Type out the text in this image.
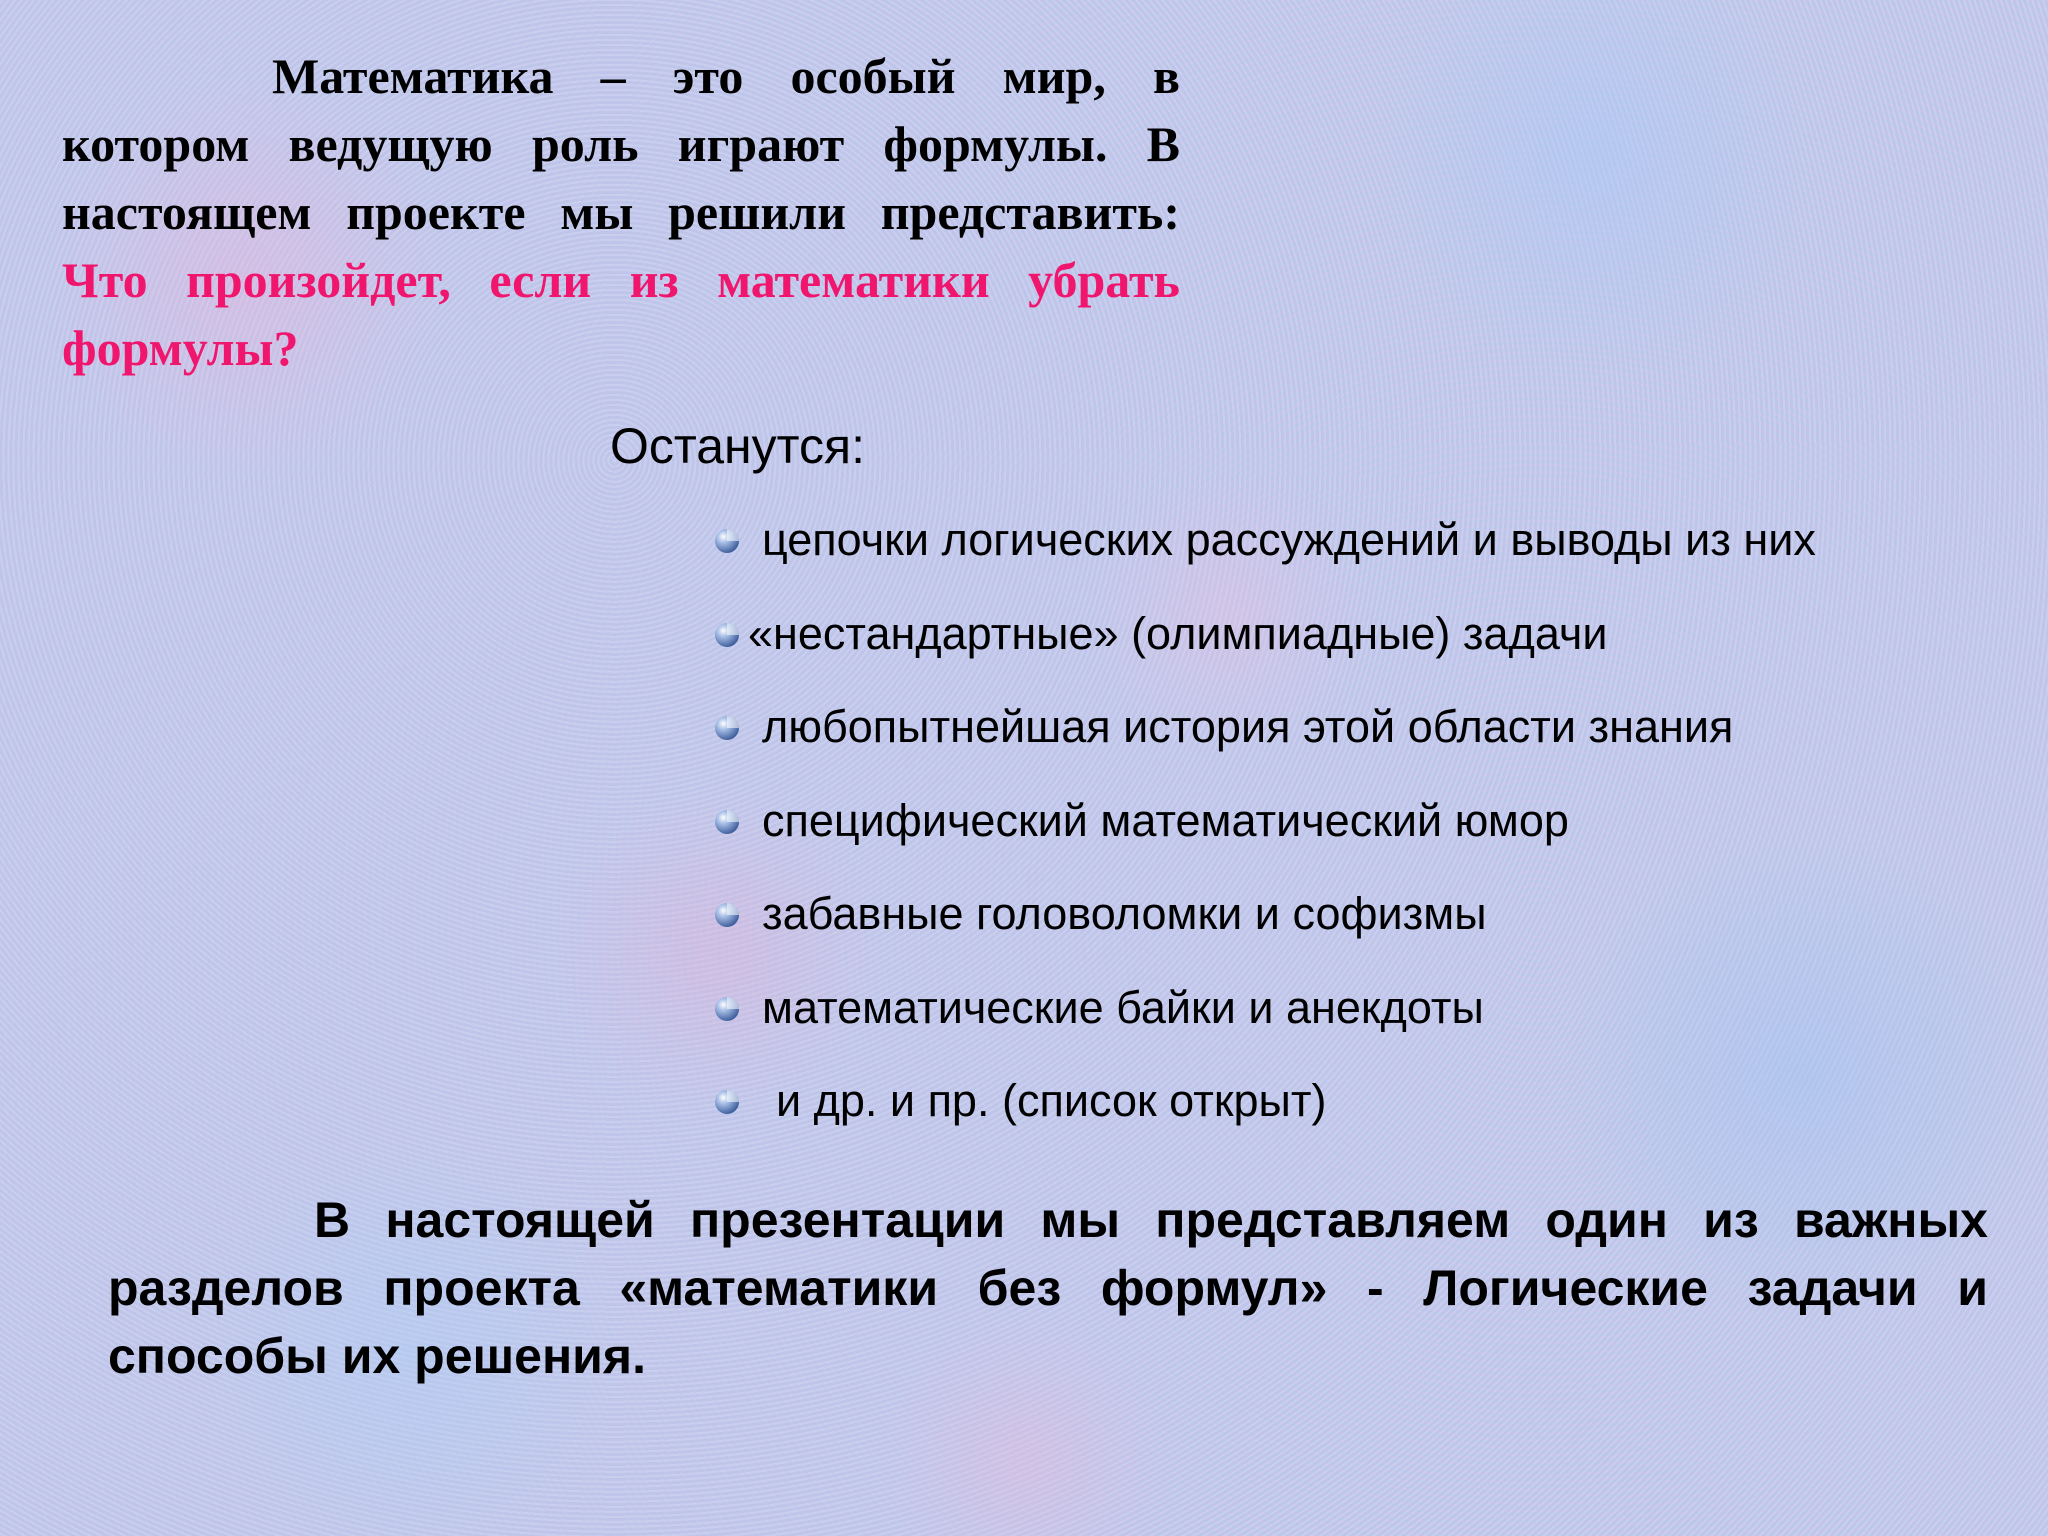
Математика – это особый мир, в котором ведущую роль играют формулы. В настоящем проекте мы решили представить: Что произойдет, если из математики убрать формулы?

Останутся:

цепочки логических рассуждений и выводы из них
«нестандартные» (олимпиадные) задачи
любопытнейшая история этой области знания
специфический математический юмор
забавные головоломки и софизмы
математические байки и анекдоты
и др. и пр. (список открыт)

В настоящей презентации мы представляем один из важных разделов проекта «математики без формул» - Логические задачи и способы их решения.
